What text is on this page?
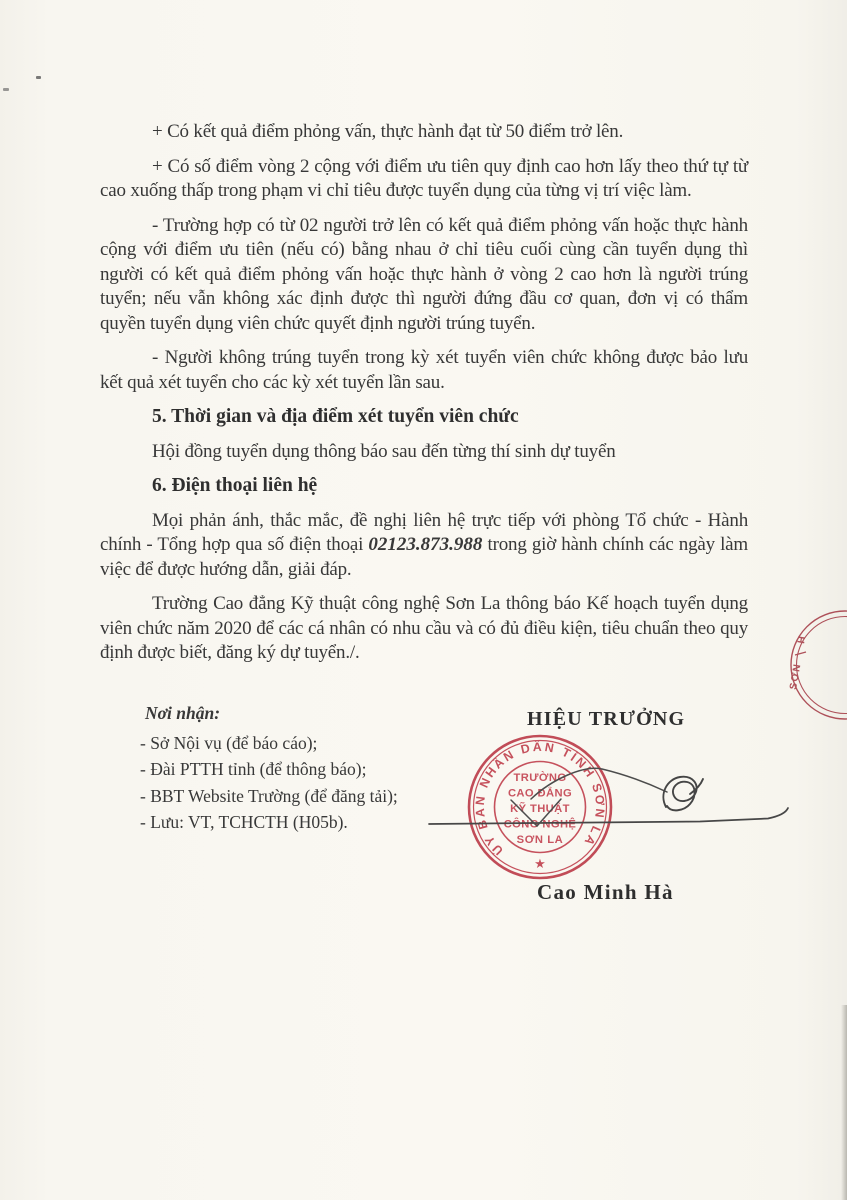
+ Có kết quả điểm phỏng vấn, thực hành đạt từ 50 điểm trở lên.

+ Có số điểm vòng 2 cộng với điểm ưu tiên quy định cao hơn lấy theo thứ tự từ cao xuống thấp trong phạm vi chỉ tiêu được tuyển dụng của từng vị trí việc làm.

- Trường hợp có từ 02 người trở lên có kết quả điểm phỏng vấn hoặc thực hành cộng với điểm ưu tiên (nếu có) bằng nhau ở chỉ tiêu cuối cùng cần tuyển dụng thì người có kết quả điểm phỏng vấn hoặc thực hành ở vòng 2 cao hơn là người trúng tuyển; nếu vẫn không xác định được thì người đứng đầu cơ quan, đơn vị có thẩm quyền tuyển dụng viên chức quyết định người trúng tuyển.

- Người không trúng tuyển trong kỳ xét tuyển viên chức không được bảo lưu kết quả xét tuyển cho các kỳ xét tuyển lần sau.

5. Thời gian và địa điểm xét tuyển viên chức

Hội đồng tuyển dụng thông báo sau đến từng thí sinh dự tuyển

6. Điện thoại liên hệ

Mọi phản ánh, thắc mắc, đề nghị liên hệ trực tiếp với phòng Tổ chức - Hành chính - Tổng hợp qua số điện thoại 02123.873.988 trong giờ hành chính các ngày làm việc để được hướng dẫn, giải đáp.

Trường Cao đẳng Kỹ thuật công nghệ Sơn La thông báo Kế hoạch tuyển dụng viên chức năm 2020 để các cá nhân có nhu cầu và có đủ điều kiện, tiêu chuẩn theo quy định được biết, đăng ký dự tuyển./.

Nơi nhận:
- Sở Nội vụ (để báo cáo);
- Đài PTTH tỉnh (để thông báo);
- BBT Website Trường (để đăng tải);
- Lưu: VT, TCHCTH (H05b).
HIỆU TRƯỞNG
ỦY BAN NHÂN DÂN TỈNH SƠN LA
★
TRƯỜNG
CAO ĐẲNG
KỸ THUẬT
CÔNG NGHỆ
SƠN LA
Cao Minh Hà
H
SƠN
